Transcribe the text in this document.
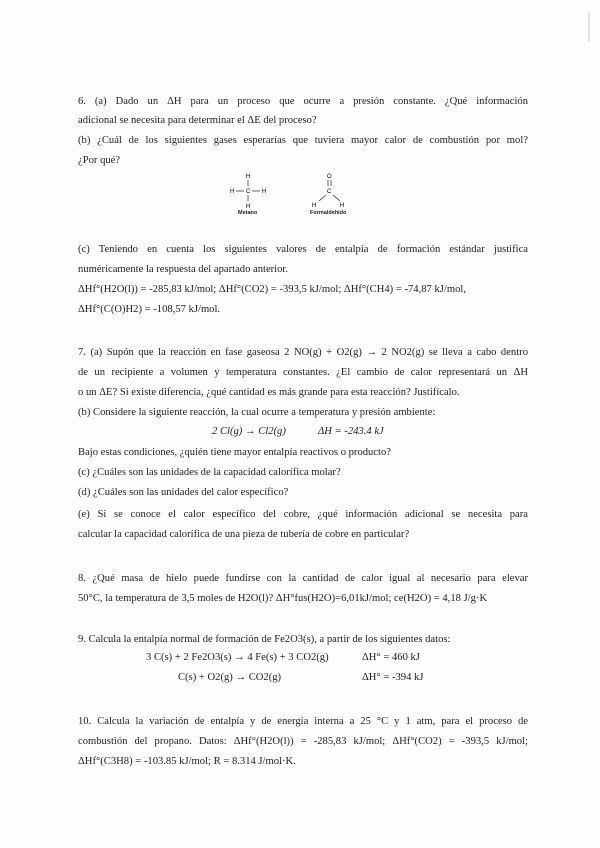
6. (a) Dado un ΔH para un proceso que ocurre a presión constante. ¿Qué información
adicional se necesita para determinar el ΔE del proceso?
(b) ¿Cuál de los siguientes gases esperarías que tuviera mayor calor de combustión por mol?
¿Por qué?
H
H C H
H
Metano
O
C
H	H
Formaldehido
(c) Teniendo en cuenta los siguientes valores de entalpía de formación estándar justifica
numéricamente la respuesta del apartado anterior.
ΔHf°(H2O(l)) = -285,83 kJ/mol; ΔHf°(CO2) = -393,5 kJ/mol; ΔHf°(CH4) = -74,87 kJ/mol,
ΔHf°(C(O)H2) = -108,57 kJ/mol.
7. (a) Supón que la reacción en fase gaseosa 2 NO(g) + O2(g) → 2 NO2(g) se lleva a cabo dentro
de un recipiente a volumen y temperatura constantes. ¿El cambio de calor representará un ΔH
o un ΔE? Si existe diferencia, ¿qué cantidad es más grande para esta reacción? Justifícalo.
(b) Considere la siguiente reacción, la cual ocurre a temperatura y presión ambiente:
2 Cl(g) → Cl2(g)	ΔH = -243.4 kJ
Bajo estas condiciones, ¿quién tiene mayor entalpía reactivos o producto?
(c) ¿Cuáles son las unidades de la capacidad calorífica molar?
(d) ¿Cuáles son las unidades del calor específico?
(e) Si se conoce el calor específico del cobre, ¿qué información adicional se necesita para
calcular la capacidad calorífica de una pieza de tubería de cobre en particular?
8. ¿Qué masa de hielo puede fundirse con la cantidad de calor igual al necesario para elevar
50°C, la temperatura de 3,5 moles de H2O(l)? ΔH°fus(H2O)=6,01kJ/mol; ce(H2O) = 4,18 J/g·K
9. Calcula la entalpía normal de formación de Fe2O3(s), a partir de los siguientes datos:
3 C(s) + 2 Fe2O3(s) → 4 Fe(s) + 3 CO2(g)	ΔH° = 460 kJ
C(s) + O2(g) → CO2(g)	ΔH° = -394 kJ
10. Calcula la variación de entalpía y de energía interna a 25 °C y 1 atm, para el proceso de
combustión del propano. Datos: ΔHf°(H2O(l)) = -285,83 kJ/mol; ΔHf°(CO2) = -393,5 kJ/mol;
ΔHf°(C3H8) = -103.85 kJ/mol; R = 8.314 J/mol·K.
